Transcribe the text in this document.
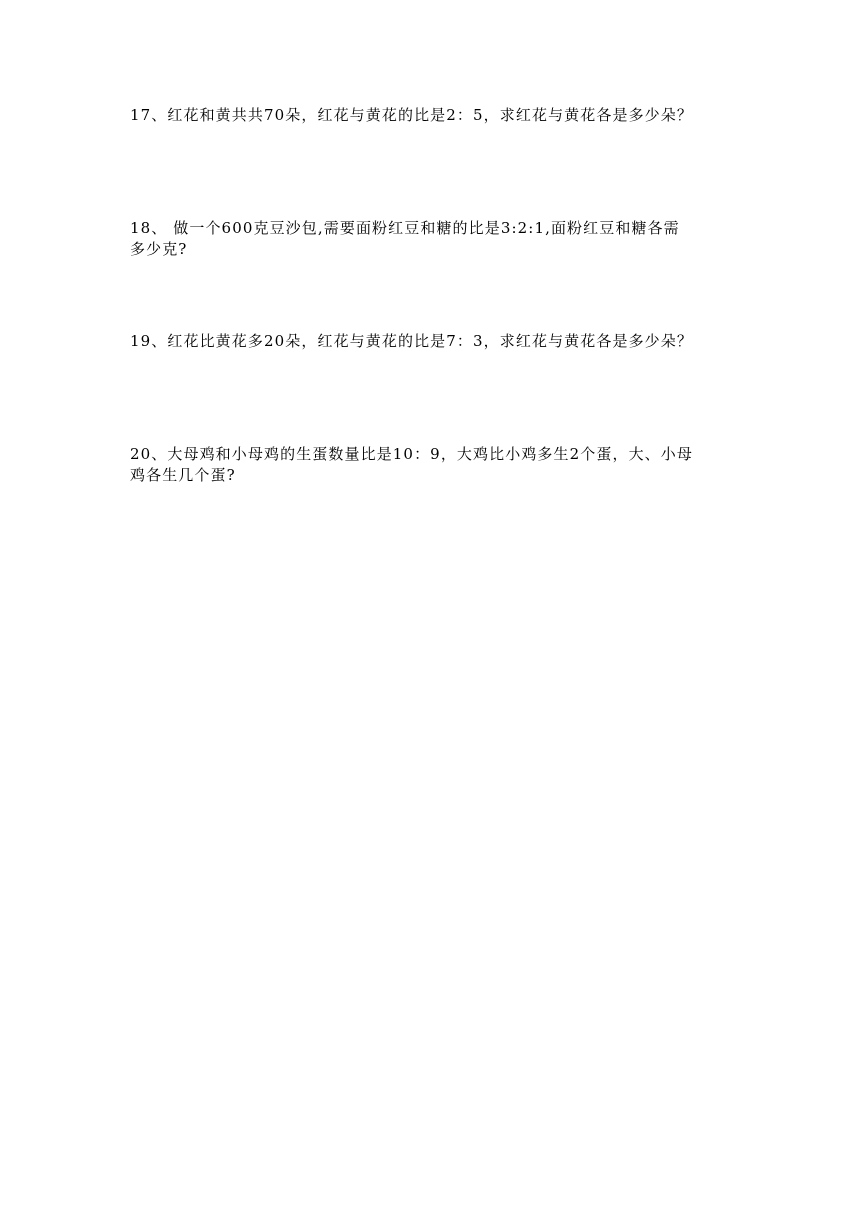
17、红花和黄共共70朵，红花与黄花的比是2：5，求红花与黄花各是多少朵？
18、 做一个600克豆沙包,需要面粉红豆和糖的比是3:2:1,面粉红豆和糖各需
多少克?
19、红花比黄花多20朵，红花与黄花的比是7：3，求红花与黄花各是多少朵？
20、大母鸡和小母鸡的生蛋数量比是10：9，大鸡比小鸡多生2个蛋，大、小母
鸡各生几个蛋?
